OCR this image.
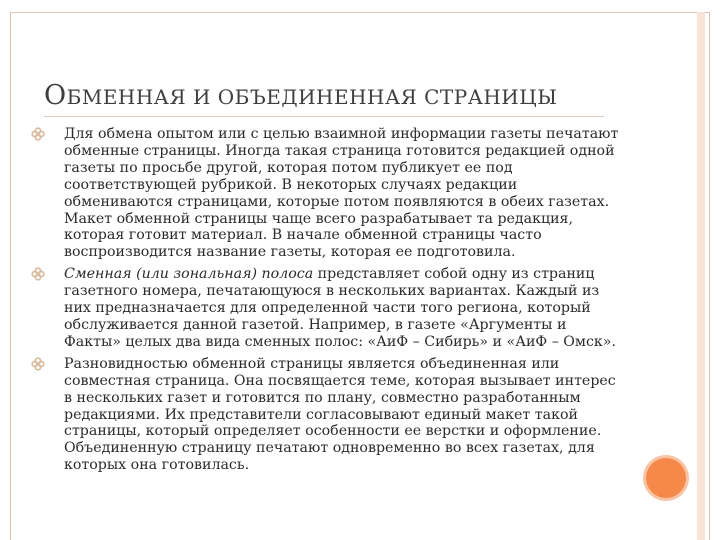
ОБМЕННАЯ И ОБЪЕДИНЕННАЯ СТРАНИЦЫ

Для обмена опытом или с целью взаимной информации газеты печатают обменные страницы. Иногда такая страница готовится редакцией одной газеты по просьбе другой, которая потом публикует ее под соответствующей рубрикой. В некоторых случаях редакции обмениваются страницами, которые потом появляются в обеих газетах.

Макет обменной страницы чаще всего разрабатывает та редакция, которая готовит материал. В начале обменной страницы часто воспроизводится название газеты, которая ее подготовила.

Сменная (или зональная) полоса представляет собой одну из страниц газетного номера, печатающуюся в нескольких вариантах. Каждый из них предназначается для определенной части того региона, который обслуживается данной газетой. Например, в газете «Аргументы и Факты» целых два вида сменных полос: «АиФ – Сибирь» и «АиФ – Омск».

Разновидностью обменной страницы является объединенная или совместная страница. Она посвящается теме, которая вызывает интерес в нескольких газет и готовится по плану, совместно разработанным редакциями. Их представители согласовывают единый макет такой страницы, который определяет особенности ее верстки и оформление. Объединенную страницу печатают одновременно во всех газетах, для которых она готовилась.
